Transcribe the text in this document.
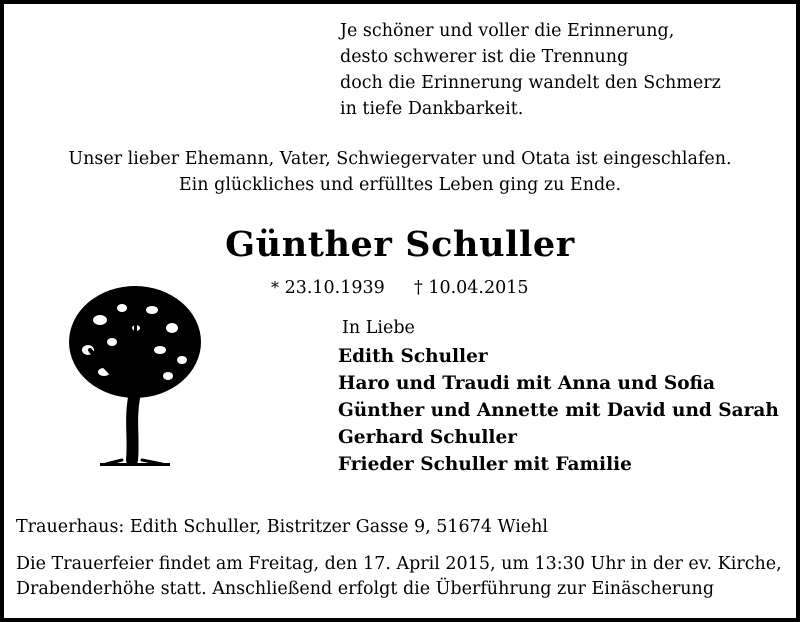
Je schöner und voller die Erinnerung,
desto schwerer ist die Trennung
doch die Erinnerung wandelt den Schmerz
in tiefe Dankbarkeit.
Unser lieber Ehemann, Vater, Schwiegervater und Otata ist eingeschlafen.
Ein glückliches und erfülltes Leben ging zu Ende.
Günther Schuller
* 23.10.1939 † 10.04.2015
In Liebe
Edith Schuller
Haro und Traudi mit Anna und Sofia
Günther und Annette mit David und Sarah
Gerhard Schuller
Frieder Schuller mit Familie
Trauerhaus: Edith Schuller, Bistritzer Gasse 9, 51674 Wiehl
Die Trauerfeier findet am Freitag, den 17. April 2015, um 13:30 Uhr in der ev. Kirche,
Drabenderhöhe statt. Anschließend erfolgt die Überführung zur Einäscherung
